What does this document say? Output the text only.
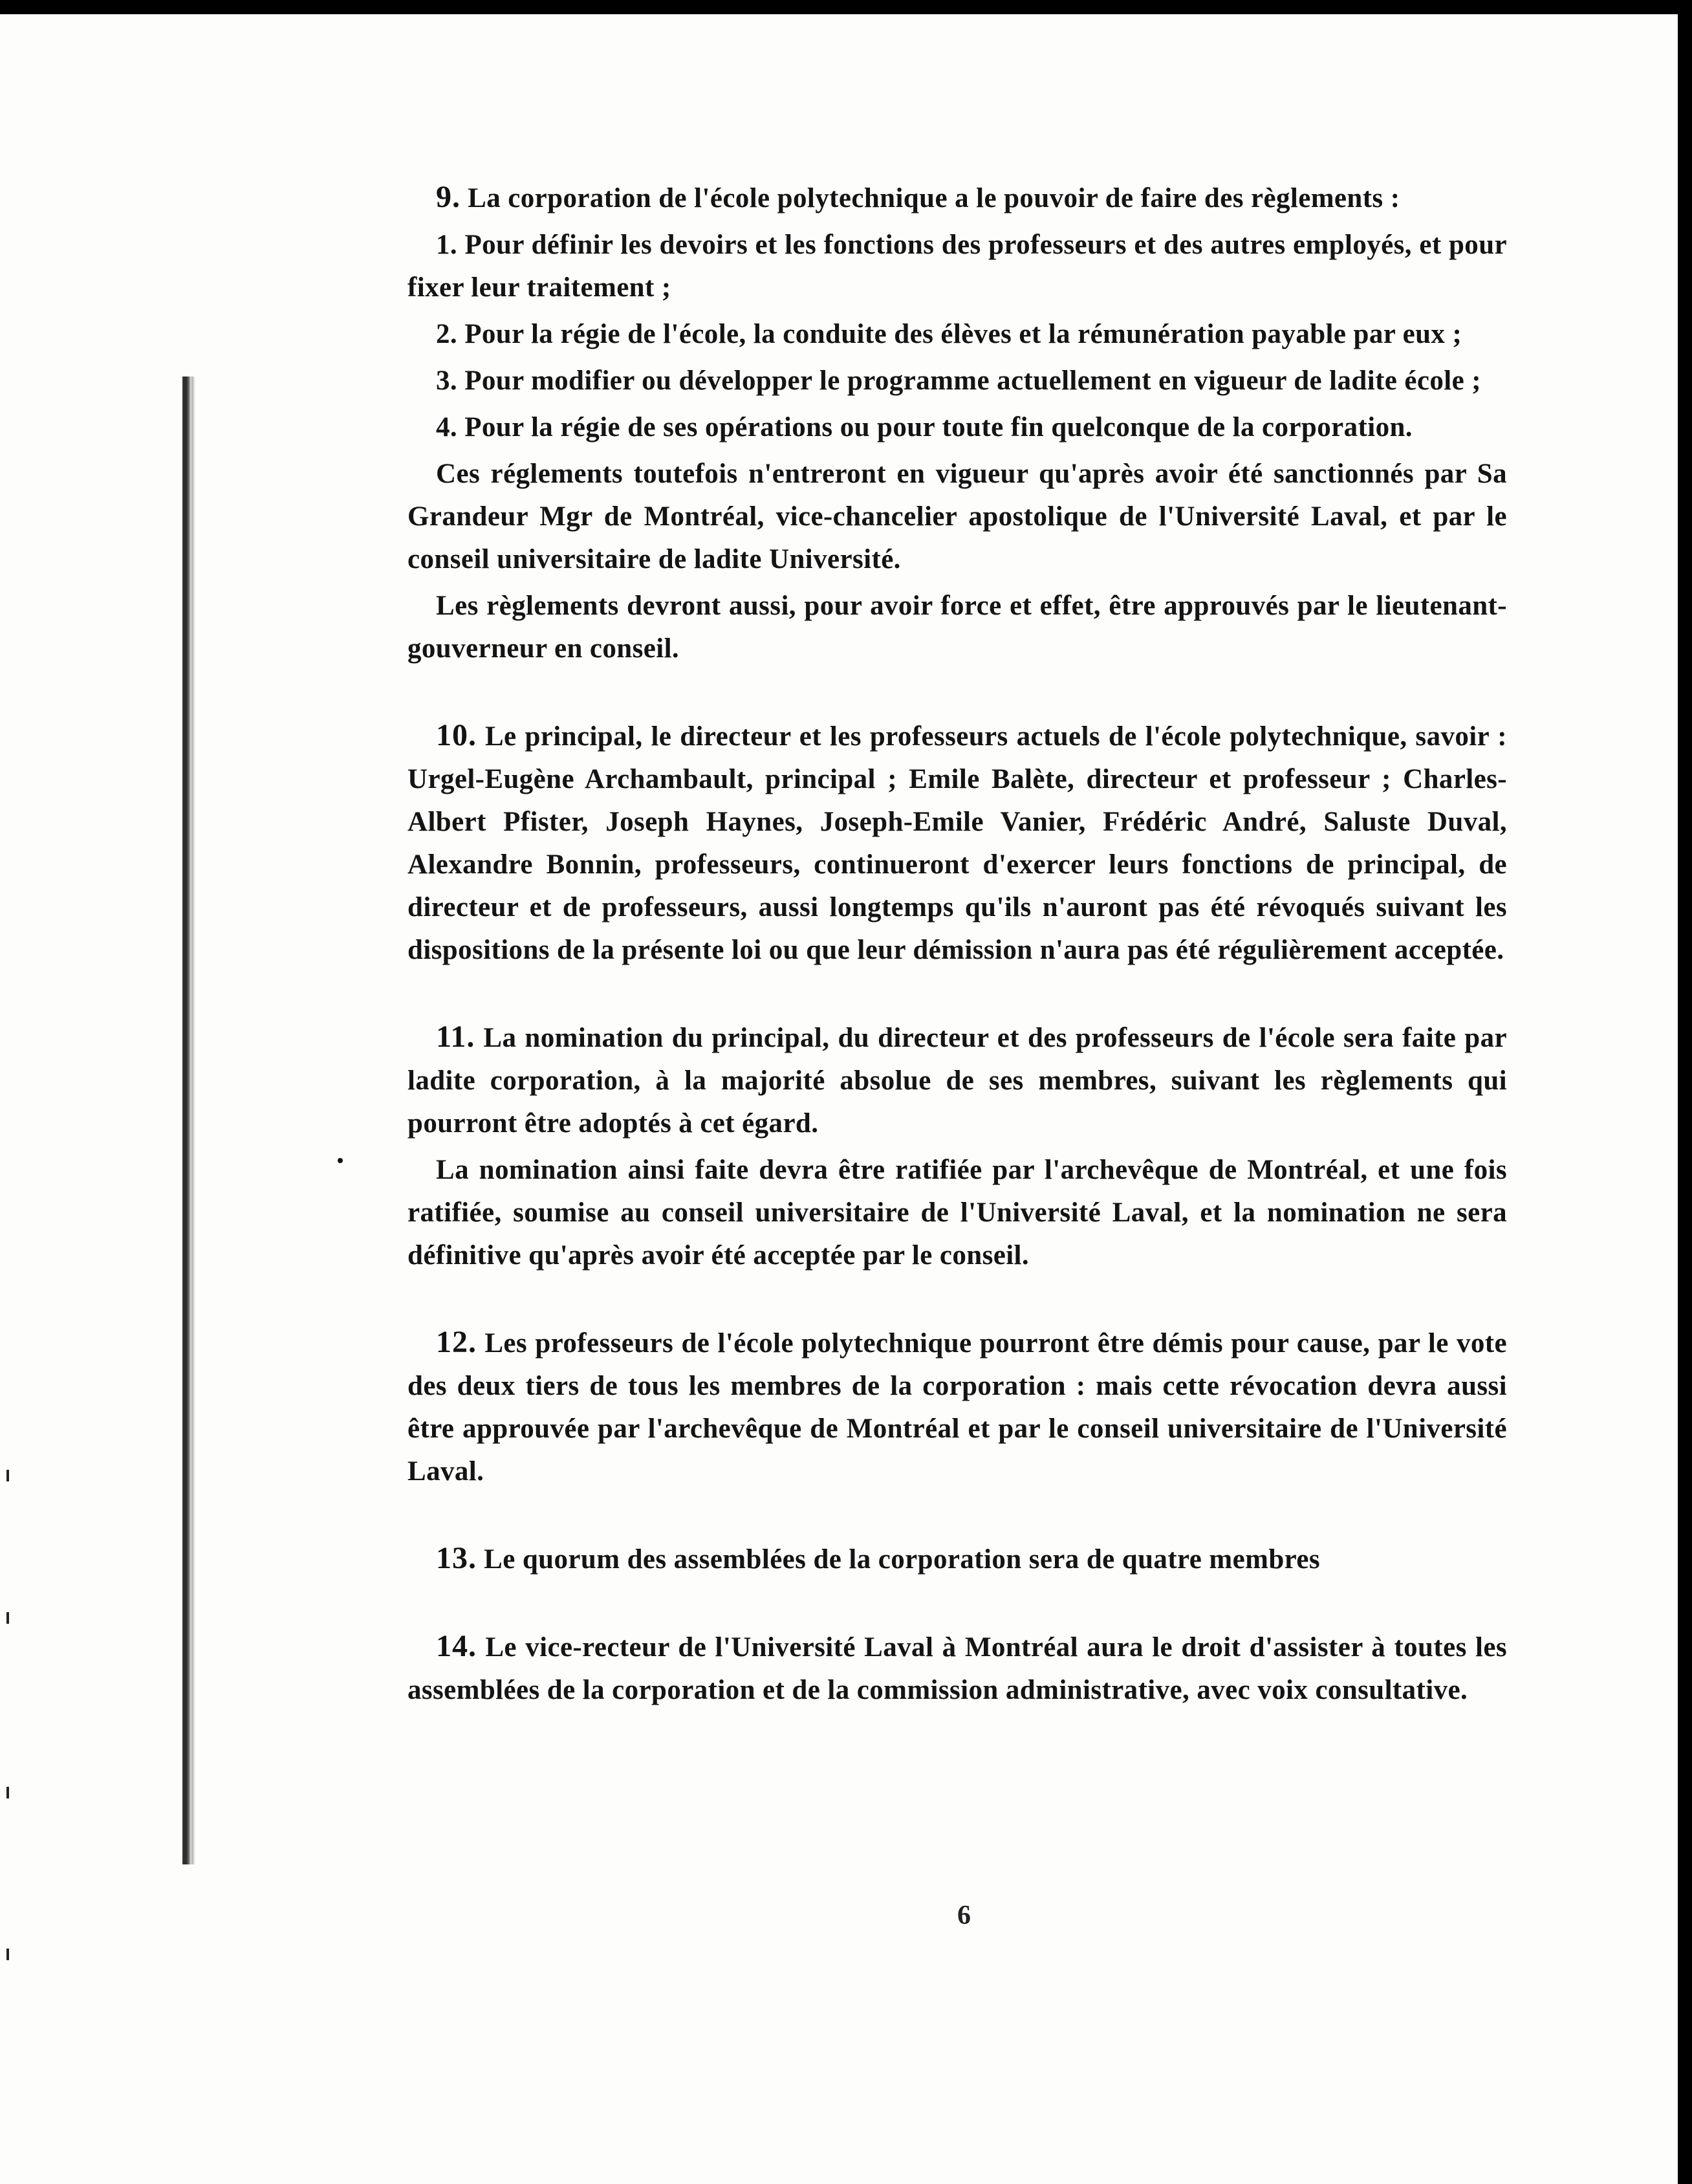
9. La corporation de l'école polytechnique a le pouvoir de faire des règlements :

1. Pour définir les devoirs et les fonctions des professeurs et des autres employés, et pour fixer leur traitement ;

2. Pour la régie de l'école, la conduite des élèves et la rémunération payable par eux ;

3. Pour modifier ou développer le programme actuellement en vigueur de ladite école ;

4. Pour la régie de ses opérations ou pour toute fin quelconque de la corporation.

Ces réglements toutefois n'entreront en vigueur qu'après avoir été sanctionnés par Sa Grandeur Mgr de Montréal, vice-chancelier apostolique de l'Université Laval, et par le conseil universitaire de ladite Université.

Les règlements devront aussi, pour avoir force et effet, être approuvés par le lieutenant-gouverneur en conseil.

10. Le principal, le directeur et les professeurs actuels de l'école polytechnique, savoir : Urgel-Eugène Archambault, principal ; Emile Balète, directeur et professeur ; Charles-Albert Pfister, Joseph Haynes, Joseph-Emile Vanier, Frédéric André, Saluste Duval, Alexandre Bonnin, professeurs, continueront d'exercer leurs fonctions de principal, de directeur et de professeurs, aussi longtemps qu'ils n'auront pas été révoqués suivant les dispositions de la présente loi ou que leur démission n'aura pas été régulièrement acceptée.

11. La nomination du principal, du directeur et des professeurs de l'école sera faite par ladite corporation, à la majorité absolue de ses membres, suivant les règlements qui pourront être adoptés à cet égard.

La nomination ainsi faite devra être ratifiée par l'archevêque de Montréal, et une fois ratifiée, soumise au conseil universitaire de l'Université Laval, et la nomination ne sera définitive qu'après avoir été acceptée par le conseil.

12. Les professeurs de l'école polytechnique pourront être démis pour cause, par le vote des deux tiers de tous les membres de la corporation : mais cette révocation devra aussi être approuvée par l'archevêque de Montréal et par le conseil universitaire de l'Université Laval.

13. Le quorum des assemblées de la corporation sera de quatre membres

14. Le vice-recteur de l'Université Laval à Montréal aura le droit d'assister à toutes les assemblées de la corporation et de la commission administrative, avec voix consultative.

6
